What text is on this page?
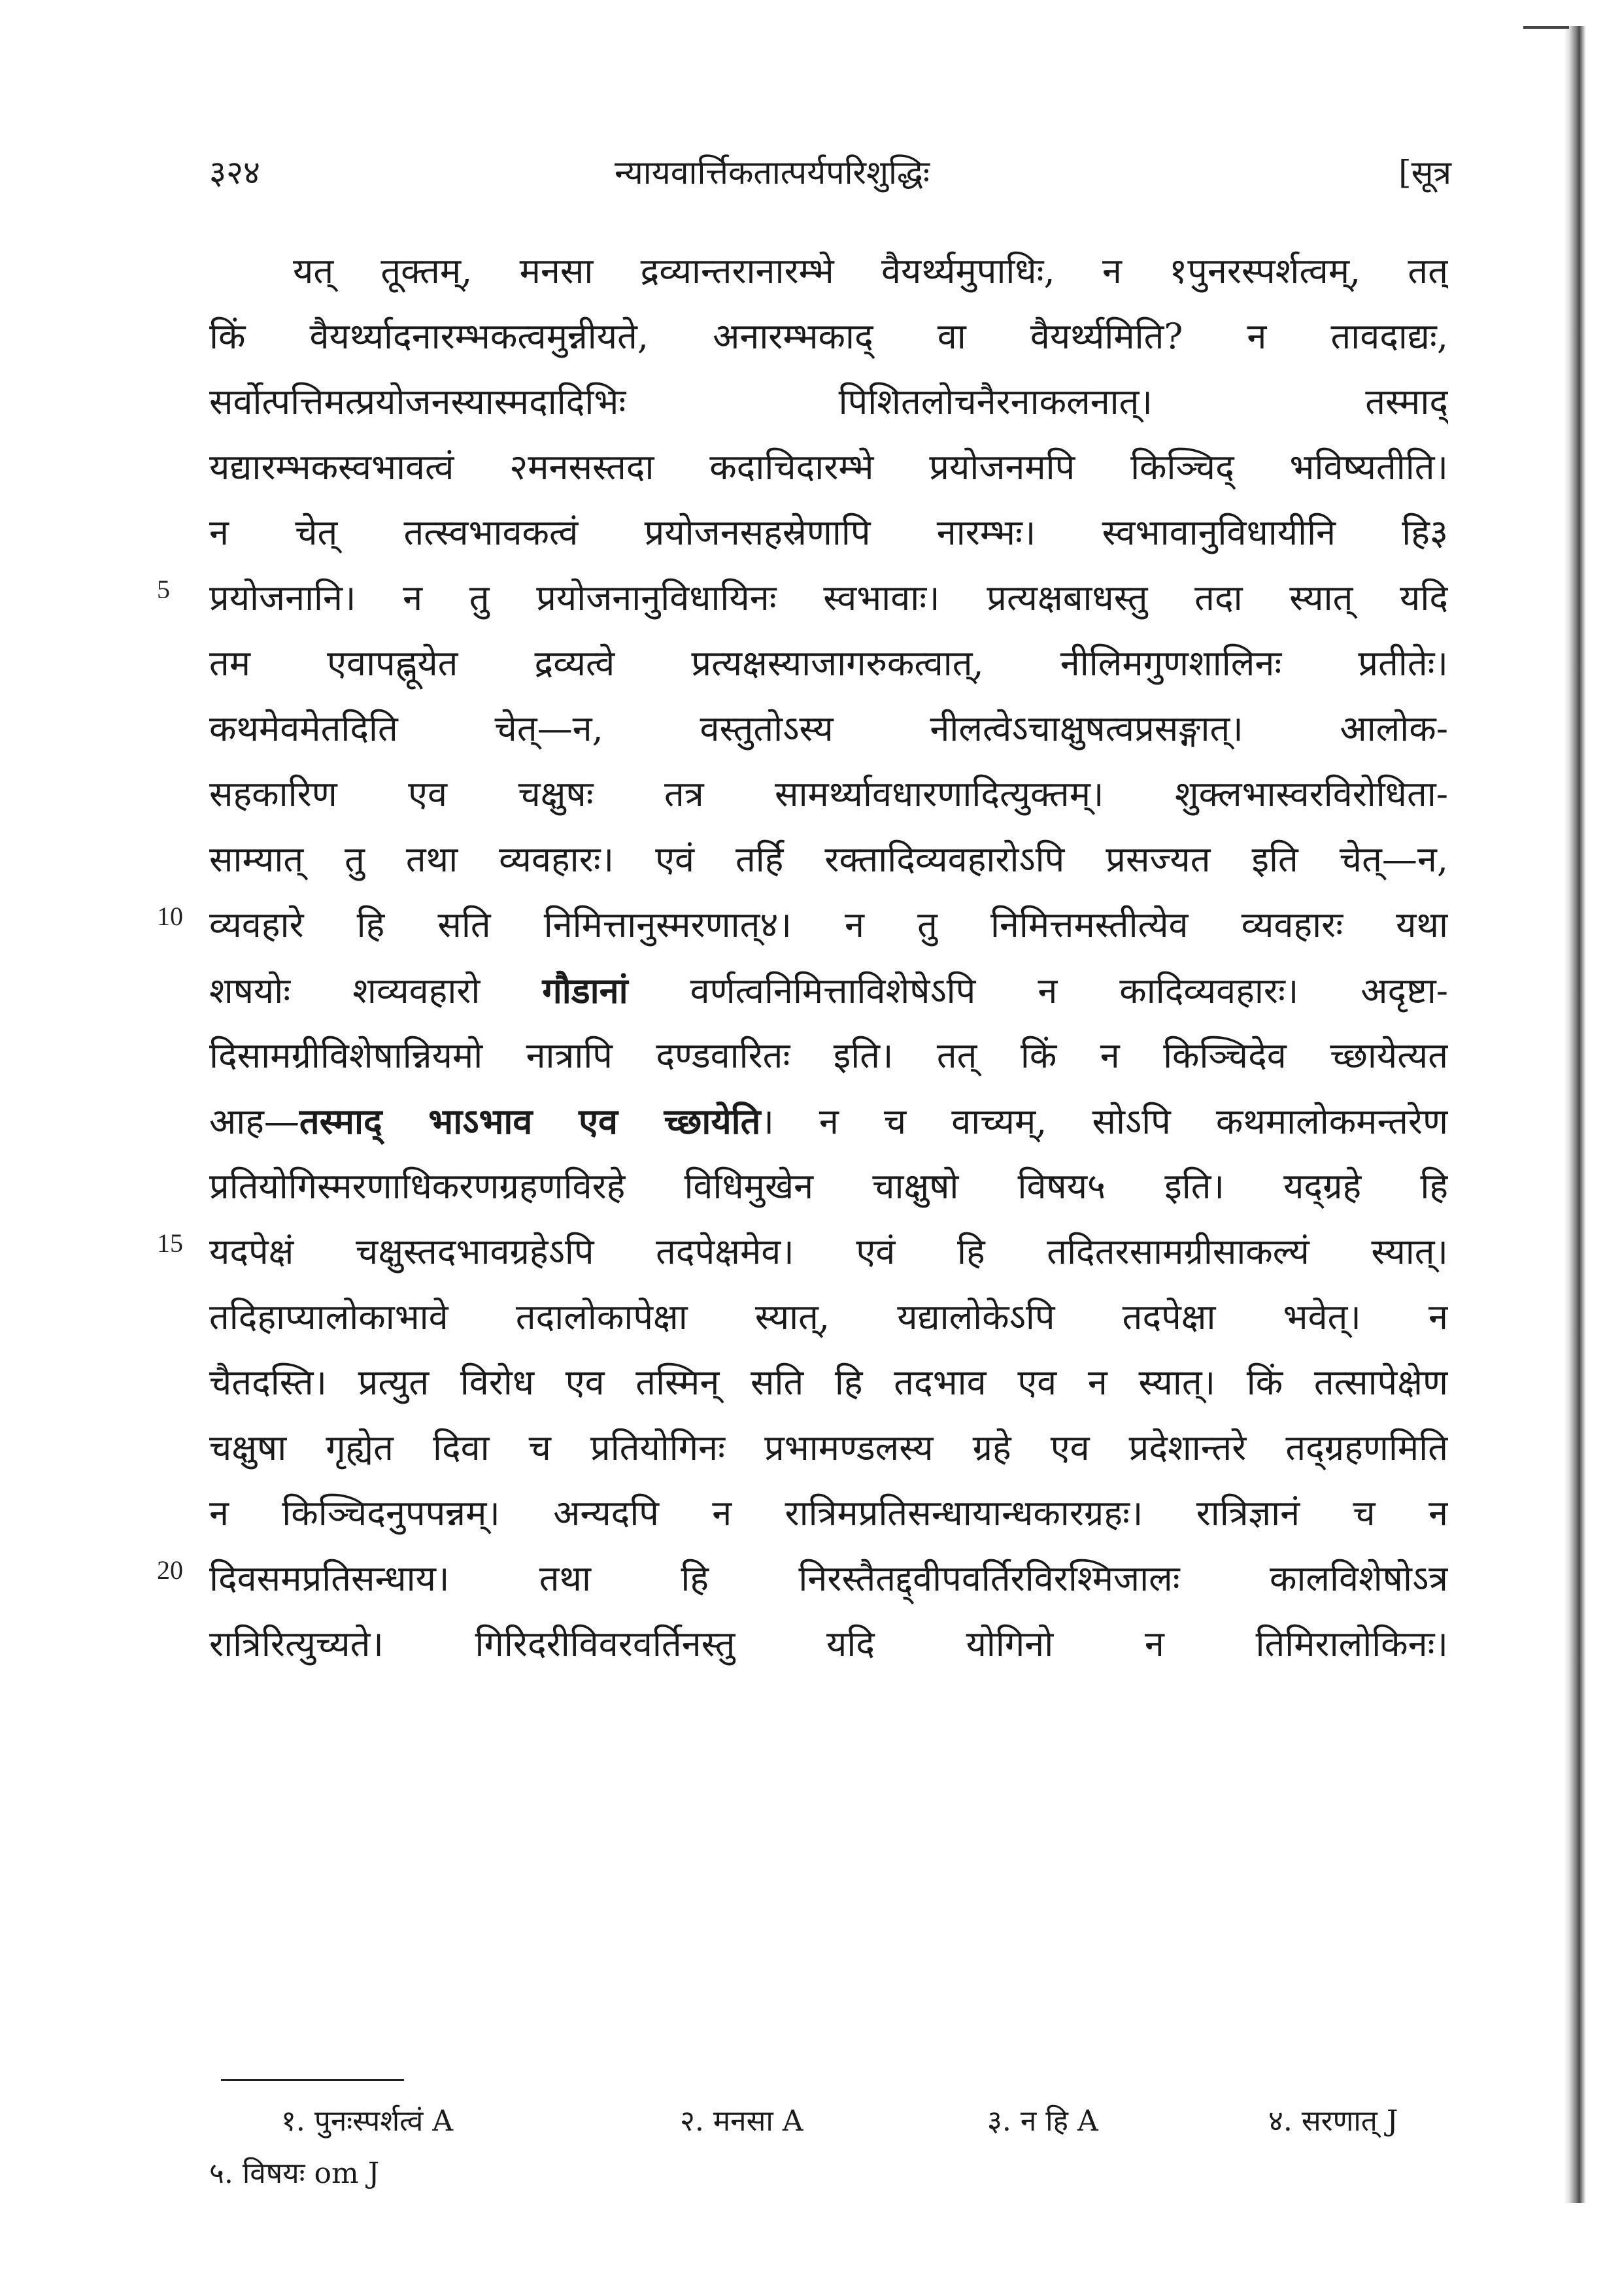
३२४	न्यायवार्त्तिकतात्पर्यपरिशुद्धिः	[सूत्र
5
10
15
20
यत् तूक्तम्, मनसा द्रव्यान्तरानारम्भे वैयर्थ्यमुपाधिः, न १पुनरस्पर्शत्वम्, तत्
किं वैयर्थ्यादनारम्भकत्वमुन्नीयते, अनारम्भकाद् वा वैयर्थ्यमिति? न तावदाद्यः,
सर्वोत्पत्तिमत्प्रयोजनस्यास्मदादिभिः पिशितलोचनैरनाकलनात्। तस्माद्
यद्यारम्भकस्वभावत्वं २मनसस्तदा कदाचिदारम्भे प्रयोजनमपि किञ्चिद् भविष्यतीति।
न चेत् तत्स्वभावकत्वं प्रयोजनसहस्रेणापि नारम्भः। स्वभावानुविधायीनि हि३
प्रयोजनानि। न तु प्रयोजनानुविधायिनः स्वभावाः। प्रत्यक्षबाधस्तु तदा स्यात् यदि
तम एवापह्नूयेत द्रव्यत्वे प्रत्यक्षस्याजागरुकत्वात्, नीलिमगुणशालिनः प्रतीतेः।
कथमेवमेतदिति चेत्—न, वस्तुतोऽस्य नीलत्वेऽचाक्षुषत्वप्रसङ्गात्। आलोक-
सहकारिण एव चक्षुषः तत्र सामर्थ्यावधारणादित्युक्तम्। शुक्लभास्वरविरोधिता-
साम्यात् तु तथा व्यवहारः। एवं तर्हि रक्तादिव्यवहारोऽपि प्रसज्यत इति चेत्—न,
व्यवहारे हि सति निमित्तानुस्मरणात्४। न तु निमित्तमस्तीत्येव व्यवहारः यथा
शषयोः शव्यवहारो गौडानां वर्णत्वनिमित्ताविशेषेऽपि न कादिव्यवहारः। अदृष्टा-
दिसामग्रीविशेषान्नियमो नात्रापि दण्डवारितः इति। तत् किं न किञ्चिदेव च्छायेत्यत
आह—तस्माद् भाऽभाव एव च्छायेति। न च वाच्यम्, सोऽपि कथमालोकमन्तरेण
प्रतियोगिस्मरणाधिकरणग्रहणविरहे विधिमुखेन चाक्षुषो विषय५ इति। यद्ग्रहे हि
यदपेक्षं चक्षुस्तदभावग्रहेऽपि तदपेक्षमेव। एवं हि तदितरसामग्रीसाकल्यं स्यात्।
तदिहाप्यालोकाभावे तदालोकापेक्षा स्यात्, यद्यालोकेऽपि तदपेक्षा भवेत्। न
चैतदस्ति। प्रत्युत विरोध एव तस्मिन् सति हि तदभाव एव न स्यात्। किं तत्सापेक्षेण
चक्षुषा गृह्येत दिवा च प्रतियोगिनः प्रभामण्डलस्य ग्रहे एव प्रदेशान्तरे तद्ग्रहणमिति
न किञ्चिदनुपपन्नम्। अन्यदपि न रात्रिमप्रतिसन्धायान्धकारग्रहः। रात्रिज्ञानं च न
दिवसमप्रतिसन्धाय। तथा हि निरस्तैतद्द्वीपवर्तिरविरश्मिजालः कालविशेषोऽत्र
रात्रिरित्युच्यते। गिरिदरीविवरवर्तिनस्तु यदि योगिनो न तिमिरालोकिनः।
१. पुनःस्पर्शत्वं A	२. मनसा A	३. न हि A	४. सरणात् J
५. विषयः om J
